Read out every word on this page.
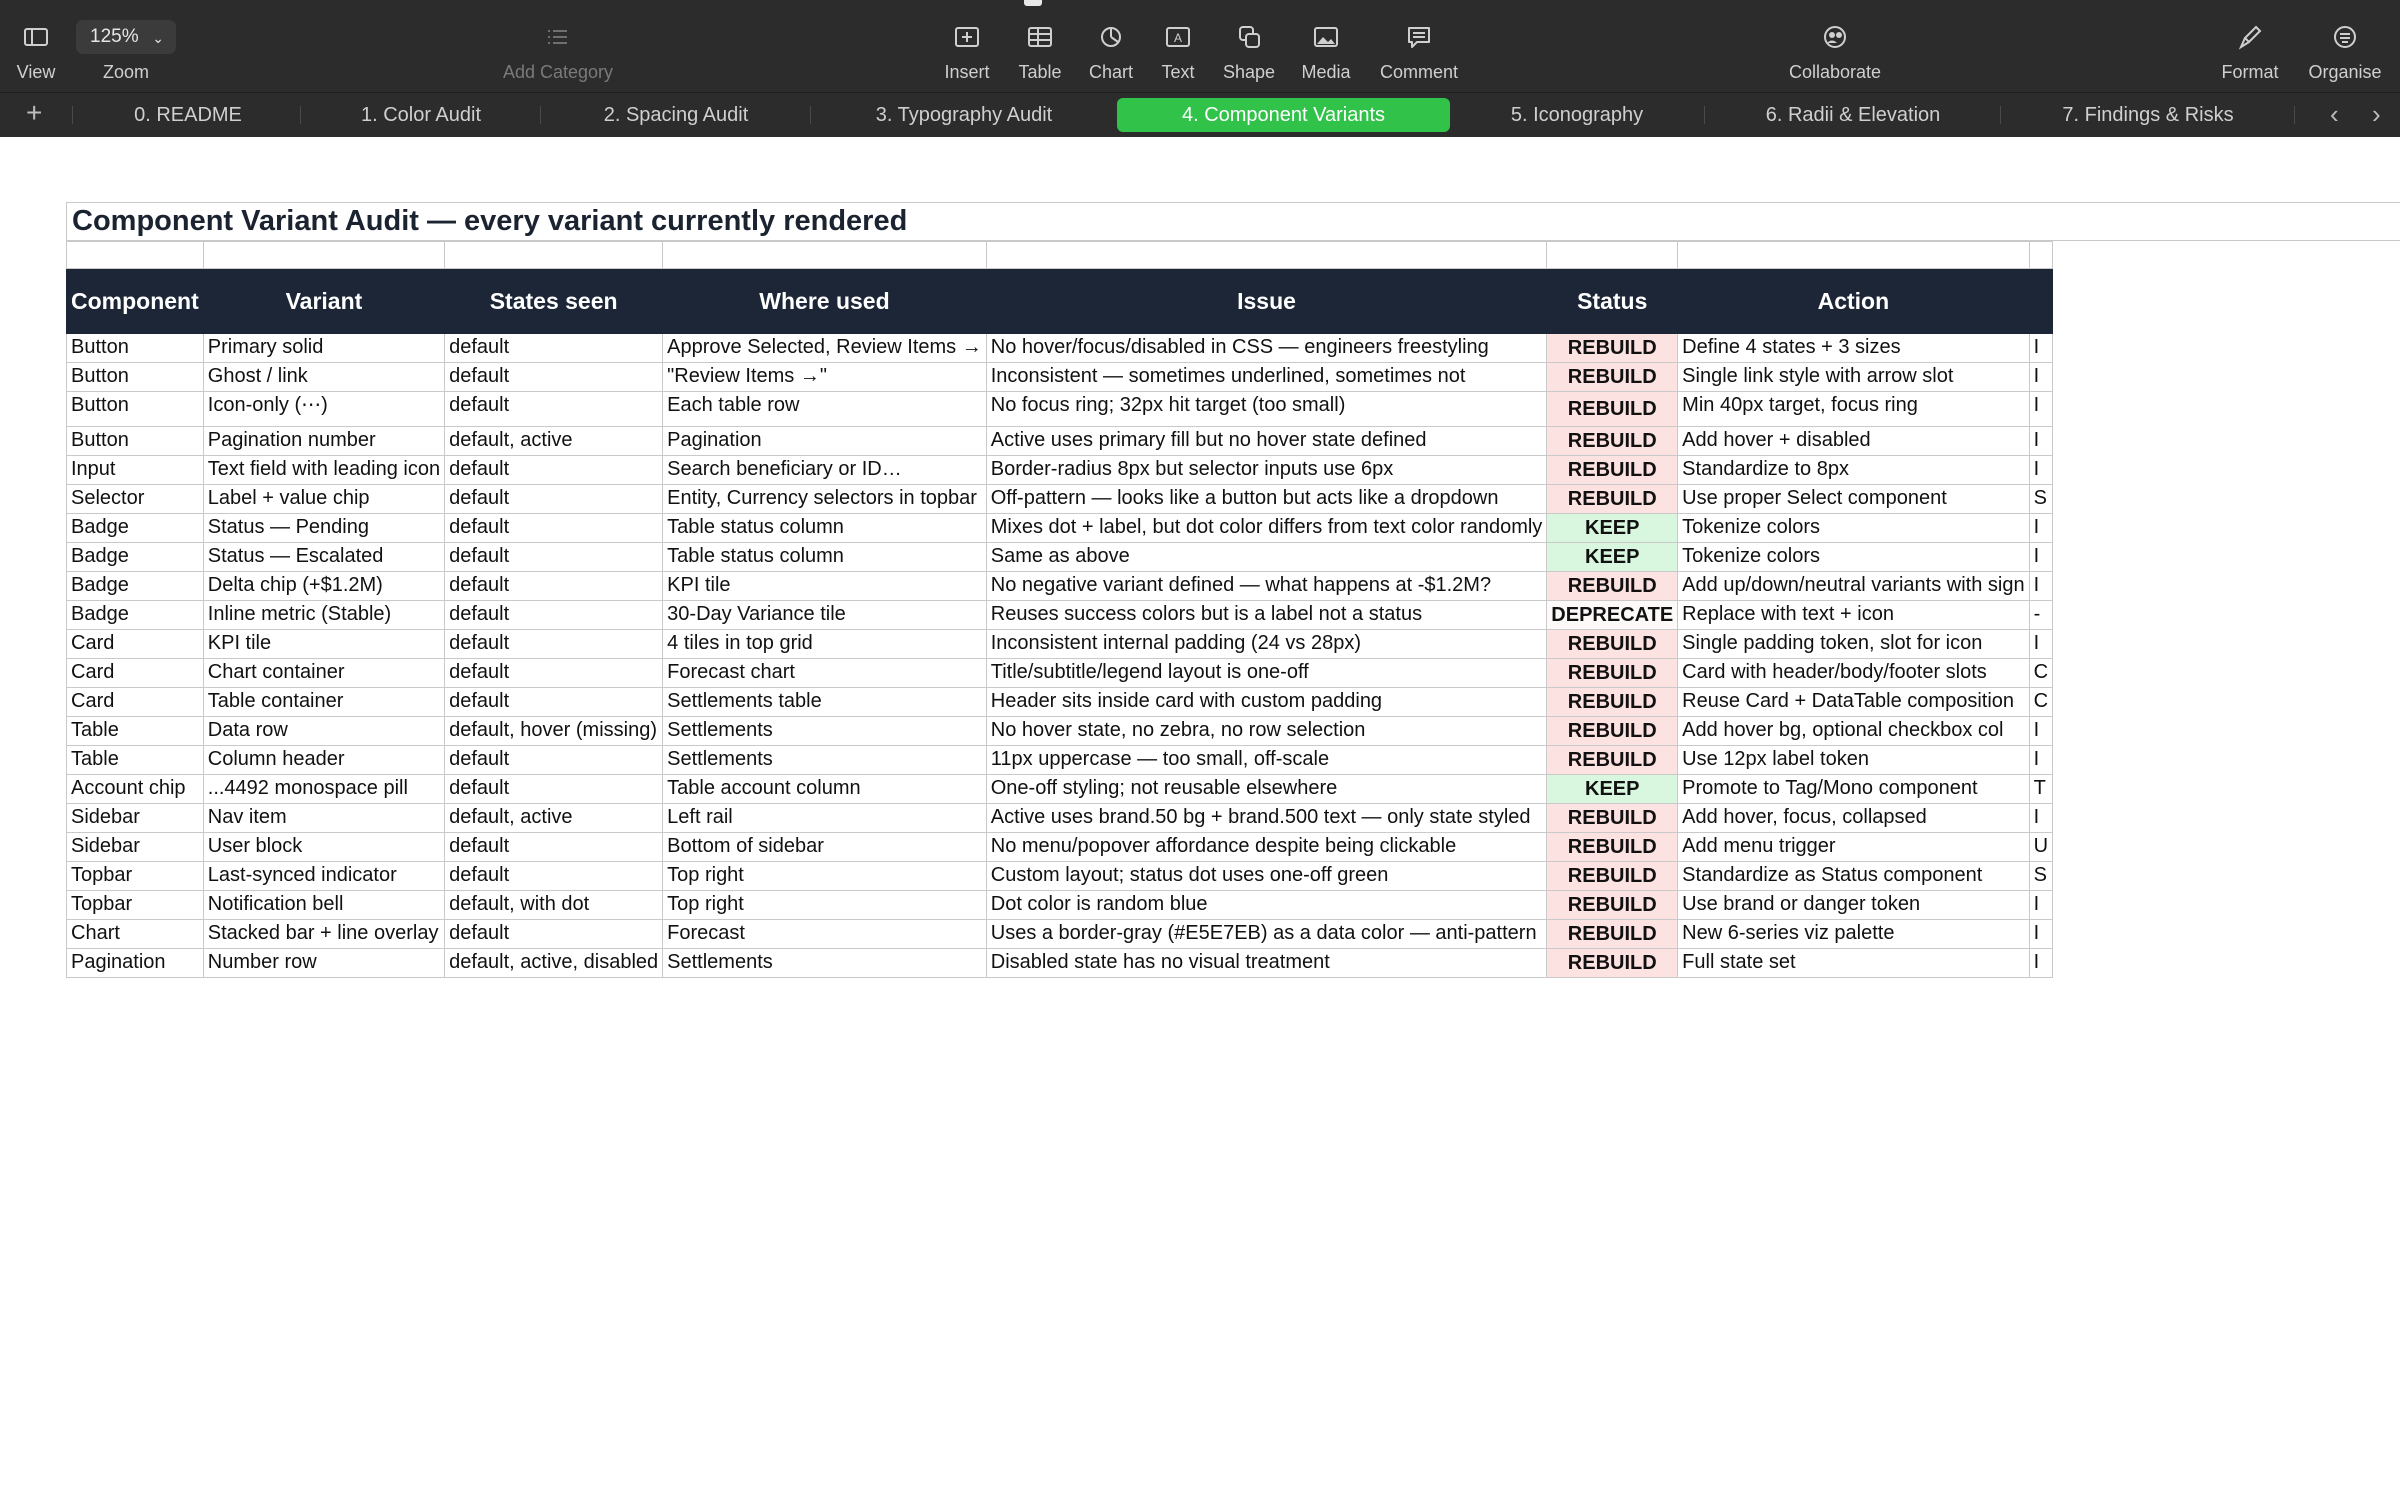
View
125% ⌄
Zoom	Add Category	Insert	Table	Chart
A
Text	Shape	Media	Comment	Collaborate	Format	Organise
+	0. README	1. Color Audit	2. Spacing Audit	3. Typography Audit	4. Component Variants	5. Iconography	6. Radii & Elevation	7. Findings & Risks	‹ ›
Component Variant Audit — every variant currently rendered

Component	Variant	States seen	Where used	Issue	Status	Action	
Button	Primary solid	default	Approve Selected, Review Items →	No hover/focus/disabled in CSS — engineers freestyling	REBUILD	Define 4 states + 3 sizes	I
Button	Ghost / link	default	"Review Items →"	Inconsistent — sometimes underlined, sometimes not	REBUILD	Single link style with arrow slot	I
Button	Icon-only (⋯)	default	Each table row	No focus ring; 32px hit target (too small)	REBUILD	Min 40px target, focus ring	I
Button	Pagination number	default, active	Pagination	Active uses primary fill but no hover state defined	REBUILD	Add hover + disabled	I
Input	Text field with leading icon	default	Search beneficiary or ID…	Border-radius 8px but selector inputs use 6px	REBUILD	Standardize to 8px	I
Selector	Label + value chip	default	Entity, Currency selectors in topbar	Off-pattern — looks like a button but acts like a dropdown	REBUILD	Use proper Select component	S
Badge	Status — Pending	default	Table status column	Mixes dot + label, but dot color differs from text color randomly	KEEP	Tokenize colors	I
Badge	Status — Escalated	default	Table status column	Same as above	KEEP	Tokenize colors	I
Badge	Delta chip (+$1.2M)	default	KPI tile	No negative variant defined — what happens at -$1.2M?	REBUILD	Add up/down/neutral variants with sign	I
Badge	Inline metric (Stable)	default	30-Day Variance tile	Reuses success colors but is a label not a status	DEPRECATE	Replace with text + icon	-
Card	KPI tile	default	4 tiles in top grid	Inconsistent internal padding (24 vs 28px)	REBUILD	Single padding token, slot for icon	I
Card	Chart container	default	Forecast chart	Title/subtitle/legend layout is one-off	REBUILD	Card with header/body/footer slots	C
Card	Table container	default	Settlements table	Header sits inside card with custom padding	REBUILD	Reuse Card + DataTable composition	C
Table	Data row	default, hover (missing)	Settlements	No hover state, no zebra, no row selection	REBUILD	Add hover bg, optional checkbox col	I
Table	Column header	default	Settlements	11px uppercase — too small, off-scale	REBUILD	Use 12px label token	I
Account chip	...4492 monospace pill	default	Table account column	One-off styling; not reusable elsewhere	KEEP	Promote to Tag/Mono component	T
Sidebar	Nav item	default, active	Left rail	Active uses brand.50 bg + brand.500 text — only state styled	REBUILD	Add hover, focus, collapsed	I
Sidebar	User block	default	Bottom of sidebar	No menu/popover affordance despite being clickable	REBUILD	Add menu trigger	U
Topbar	Last-synced indicator	default	Top right	Custom layout; status dot uses one-off green	REBUILD	Standardize as Status component	S
Topbar	Notification bell	default, with dot	Top right	Dot color is random blue	REBUILD	Use brand or danger token	I
Chart	Stacked bar + line overlay	default	Forecast	Uses a border-gray (#E5E7EB) as a data color — anti-pattern	REBUILD	New 6-series viz palette	I
Pagination	Number row	default, active, disabled	Settlements	Disabled state has no visual treatment	REBUILD	Full state set	I
